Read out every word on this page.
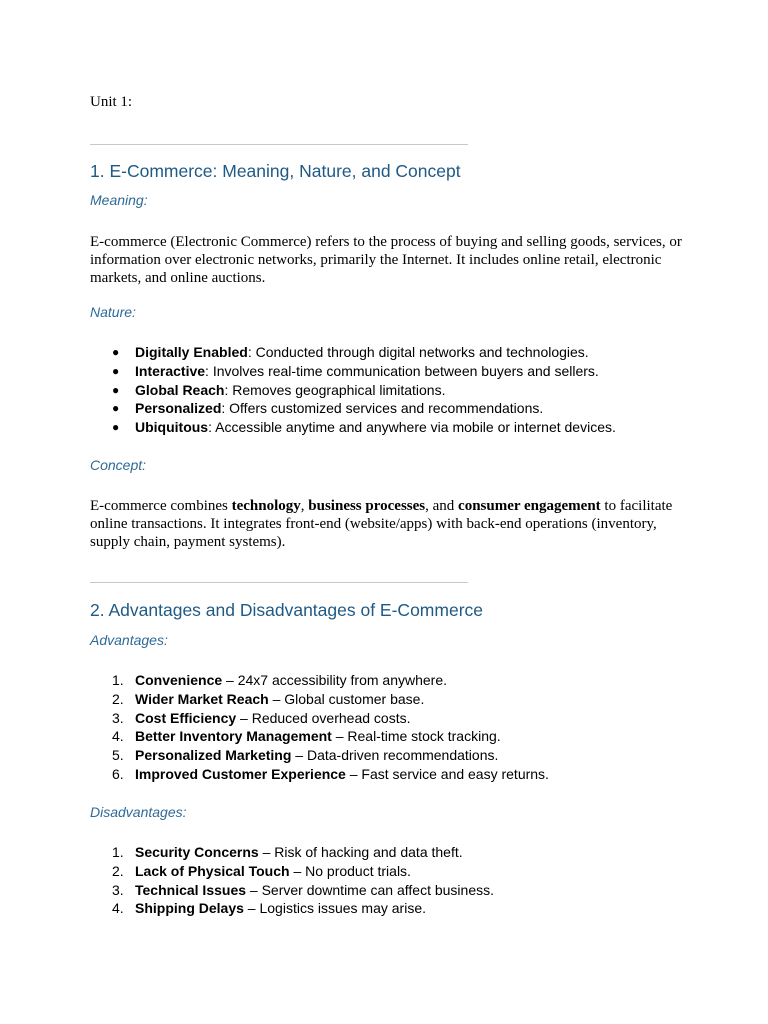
Unit 1:
1. E-Commerce: Meaning, Nature, and Concept
Meaning:
E-commerce (Electronic Commerce) refers to the process of buying and selling goods, services, or information over electronic networks, primarily the Internet. It includes online retail, electronic markets, and online auctions.
Nature:
● Digitally Enabled: Conducted through digital networks and technologies.
● Interactive: Involves real-time communication between buyers and sellers.
● Global Reach: Removes geographical limitations.
● Personalized: Offers customized services and recommendations.
● Ubiquitous: Accessible anytime and anywhere via mobile or internet devices.
Concept:
E-commerce combines technology, business processes, and consumer engagement to facilitate online transactions. It integrates front-end (website/apps) with back-end operations (inventory, supply chain, payment systems).
2. Advantages and Disadvantages of E-Commerce
Advantages:
1. Convenience – 24x7 accessibility from anywhere.
2. Wider Market Reach – Global customer base.
3. Cost Efficiency – Reduced overhead costs.
4. Better Inventory Management – Real-time stock tracking.
5. Personalized Marketing – Data-driven recommendations.
6. Improved Customer Experience – Fast service and easy returns.
Disadvantages:
1. Security Concerns – Risk of hacking and data theft.
2. Lack of Physical Touch – No product trials.
3. Technical Issues – Server downtime can affect business.
4. Shipping Delays – Logistics issues may arise.
